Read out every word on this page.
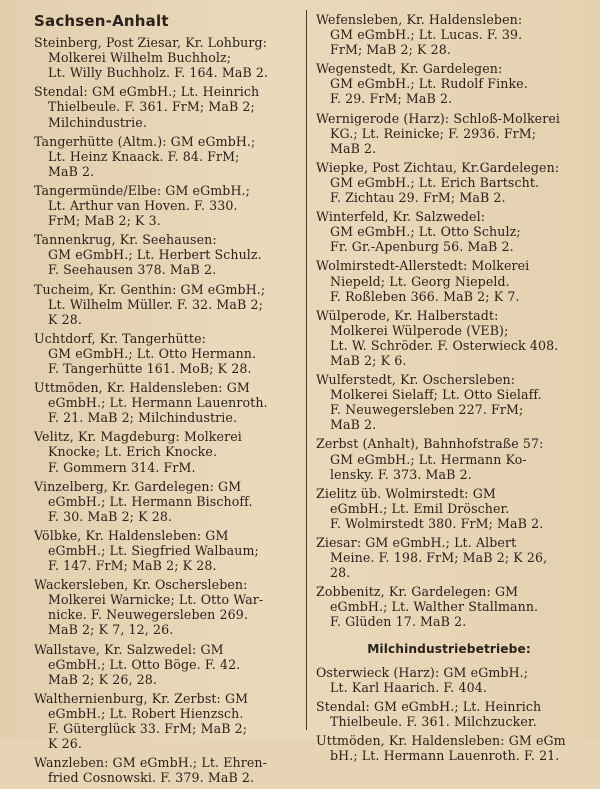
Sachsen-Anhalt
Steinberg, Post Ziesar, Kr. Lohburg:
Molkerei Wilhelm Buchholz;
Lt. Willy Buchholz. F. 164. MaB 2.
Stendal: GM eGmbH.; Lt. Heinrich
Thielbeule. F. 361. FrM; MaB 2;
Milchindustrie.
Tangerhütte (Altm.): GM eGmbH.;
Lt. Heinz Knaack. F. 84. FrM;
MaB 2.
Tangermünde/Elbe: GM eGmbH.;
Lt. Arthur van Hoven. F. 330.
FrM; MaB 2; K 3.
Tannenkrug, Kr. Seehausen:
GM eGmbH.; Lt. Herbert Schulz.
F. Seehausen 378. MaB 2.
Tucheim, Kr. Genthin: GM eGmbH.;
Lt. Wilhelm Müller. F. 32. MaB 2;
K 28.
Uchtdorf, Kr. Tangerhütte:
GM eGmbH.; Lt. Otto Hermann.
F. Tangerhütte 161. MoB; K 28.
Uttmöden, Kr. Haldensleben: GM
eGmbH.; Lt. Hermann Lauenroth.
F. 21. MaB 2; Milchindustrie.
Velitz, Kr. Magdeburg: Molkerei
Knocke; Lt. Erich Knocke.
F. Gommern 314. FrM.
Vinzelberg, Kr. Gardelegen: GM
eGmbH.; Lt. Hermann Bischoff.
F. 30. MaB 2; K 28.
Völbke, Kr. Haldensleben: GM
eGmbH.; Lt. Siegfried Walbaum;
F. 147. FrM; MaB 2; K 28.
Wackersleben, Kr. Oschersleben:
Molkerei Warnicke; Lt. Otto War-
nicke. F. Neuwegersleben 269.
MaB 2; K 7, 12, 26.
Wallstave, Kr. Salzwedel: GM
eGmbH.; Lt. Otto Böge. F. 42.
MaB 2; K 26, 28.
Walthernienburg, Kr. Zerbst: GM
eGmbH.; Lt. Robert Hienzsch.
F. Güterglück 33. FrM; MaB 2;
K 26.
Wanzleben: GM eGmbH.; Lt. Ehren-
fried Cosnowski. F. 379. MaB 2.
Wefensleben, Kr. Haldensleben:
GM eGmbH.; Lt. Lucas. F. 39.
FrM; MaB 2; K 28.
Wegenstedt, Kr. Gardelegen:
GM eGmbH.; Lt. Rudolf Finke.
F. 29. FrM; MaB 2.
Wernigerode (Harz): Schloß-Molkerei
KG.; Lt. Reinicke; F. 2936. FrM;
MaB 2.
Wiepke, Post Zichtau, Kr.Gardelegen:
GM eGmbH.; Lt. Erich Bartscht.
F. Zichtau 29. FrM; MaB 2.
Winterfeld, Kr. Salzwedel:
GM eGmbH.; Lt. Otto Schulz;
Fr. Gr.-Apenburg 56. MaB 2.
Wolmirstedt-Allerstedt: Molkerei
Niepeld; Lt. Georg Niepeld.
F. Roßleben 366. MaB 2; K 7.
Wülperode, Kr. Halberstadt:
Molkerei Wülperode (VEB);
Lt. W. Schröder. F. Osterwieck 408.
MaB 2; K 6.
Wulferstedt, Kr. Oschersleben:
Molkerei Sielaff; Lt. Otto Sielaff.
F. Neuwegersleben 227. FrM;
MaB 2.
Zerbst (Anhalt), Bahnhofstraße 57:
GM eGmbH.; Lt. Hermann Ko-
lensky. F. 373. MaB 2.
Zielitz üb. Wolmirstedt: GM
eGmbH.; Lt. Emil Dröscher.
F. Wolmirstedt 380. FrM; MaB 2.
Ziesar: GM eGmbH.; Lt. Albert
Meine. F. 198. FrM; MaB 2; K 26,
28.
Zobbenitz, Kr. Gardelegen: GM
eGmbH.; Lt. Walther Stallmann.
F. Glüden 17. MaB 2.
Milchindustriebetriebe:
Osterwieck (Harz): GM eGmbH.;
Lt. Karl Haarich. F. 404.
Stendal: GM eGmbH.; Lt. Heinrich
Thielbeule. F. 361. Milchzucker.
Uttmöden, Kr. Haldensleben: GM eGm
bH.; Lt. Hermann Lauenroth. F. 21.
